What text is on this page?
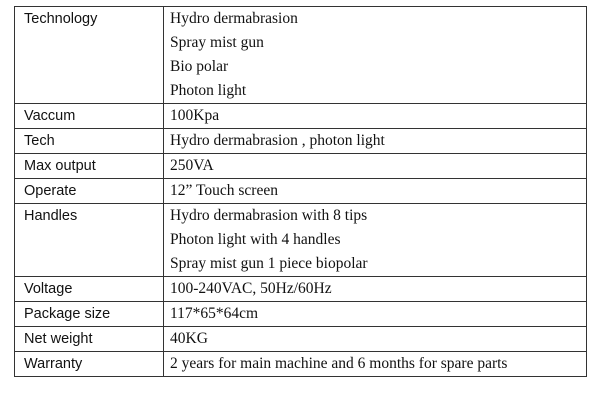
Technology	Hydro dermabrasion
Spray mist gun
Bio polar
Photon light

Vaccum	100Kpa
Tech	Hydro dermabrasion , photon light
Max output	250VA
Operate	12” Touch screen
Handles	Hydro dermabrasion with 8 tips
Photon light with 4 handles
Spray mist gun 1 piece biopolar

Voltage	100-240VAC, 50Hz/60Hz
Package size	117*65*64cm
Net weight	40KG
Warranty	2 years for main machine and 6 months for spare parts
